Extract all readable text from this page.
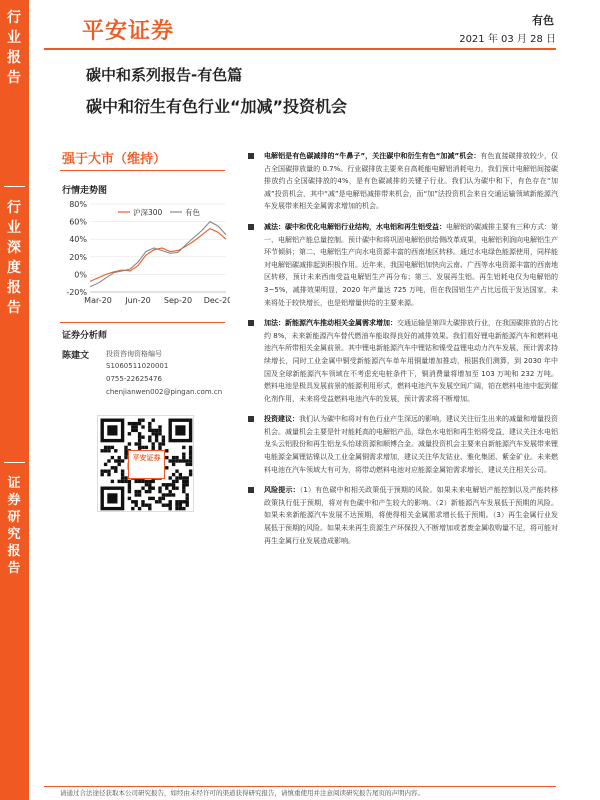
行
业
报
告
行
业
深
度
报
告
证
券
研
究
报
告
平安证券	有色
2021 年 03 月 28 日
碳中和系列报告-有色篇
碳中和衍生有色行业“加减”投资机会
强于大市（维持）
行情走势图
-20%
0%
20%
40%
60%
80%
Mar-20 Jun-20 Sep-20 Dec-20
沪深300	有色
证券分析师
陈建文 投资咨询资格编号
S1060511020001
0755-22625476
chenjianwen002@pingan.com.cn
平安证券
电解铝是有色碳减排的“牛鼻子”，关注碳中和衍生有色“加减”机会：有色直接碳排放较少，仅占全国碳排放量的 0.7%。行业碳排放主要来自高耗能电解铝消耗电力，我们预计电解铝间接碳排放约占全国碳排放的4%，是有色碳减排的关键子行业。我们认为碳中和下，有色存在“加减”投资机会，其中“减”是电解铝减排带来机会，而“加”法投资机会来自交通运输领域新能源汽车发展带来相关金属需求增加的机会。
减法：碳中和优化电解铝行业结构，水电铝和再生铝受益：电解铝的碳减排主要有三种方式：第一、电解铝产能总量控制。预计碳中和将巩固电解铝供给侧改革成果，电解铝利润向电解铝生产环节倾斜；第二、电解铝生产向水电资源丰富的西南地区转移。通过水电绿色能源使用，同样能对电解铝碳减排起到积极作用。近年来，我国电解铝加快向云南、广西等水电资源丰富的西南地区转移，预计未来西南受益电解铝生产再分布；第三、发展再生铝。再生铝耗电仅为电解铝的 3~5%，减排效果明显，2020 年产量达 725 万吨，但在我国铝生产占比远低于发达国家，未来将处于较快增长，也是铝增量供给的主要来源。
加法：新能源汽车推动相关金属需求增加：交通运输是第四大碳排放行业，在我国碳排放的占比约 8%，未来新能源汽车替代燃油车能取得良好的减排效果。我们看好锂电新能源汽车和燃料电池汽车所带相关金属前景。其中锂电新能源汽车中锂钴和镍受益锂电动力汽车发展，预计需求持续增长，同时工业金属中铜受新能源汽车单车用铜量增加推动，根据我们测算，到 2030 年中国及全球新能源汽车领域在不考虑充电桩条件下，铜消费量将增加至 103 万吨和 232 万吨。燃料电池是极具发展前景的能源利用形式，燃料电池汽车发展空间广阔，铂在燃料电池中起到催化剂作用，未来将受益燃料电池汽车的发展，预计需求将不断增加。
投资建议：我们认为碳中和将对有色行业产生深远的影响，建议关注衍生出来的减量和增量投资机会。减量机会主要是针对能耗高的电解铝产品，绿色水电铝和再生铝将受益，建议关注水电铝龙头云铝股份和再生铝龙头怡球资源和顺博合金。减量投资机会主要来自新能源汽车发展带来锂电能源金属锂钴镍以及工业金属铜需求增加，建议关注华友钴业、雅化集团、紫金矿业。未来燃料电池在汽车领域大有可为，将带动燃料电池对应能源金属铂需求增长，建议关注相关公司。
风险提示：（1）有色碳中和相关政策低于预期的风险。如果未来电解铝产能控制以及产能转移政策执行低于预期，将对有色碳中和产生较大的影响。（2）新能源汽车发展低于预期的风险。如果未来新能源汽车发展不达预期，将使得相关金属需求增长低于预期。（3）再生金属行业发展低于预期的风险。如果未来再生资源生产环保投入不断增加或者废金属收购量不足，将可能对再生金属行业发展造成影响。
请通过合法途径获取本公司研究报告，如经由未经许可的渠道获得研究报告，请慎重使用并注意阅读研究报告尾页的声明内容。
